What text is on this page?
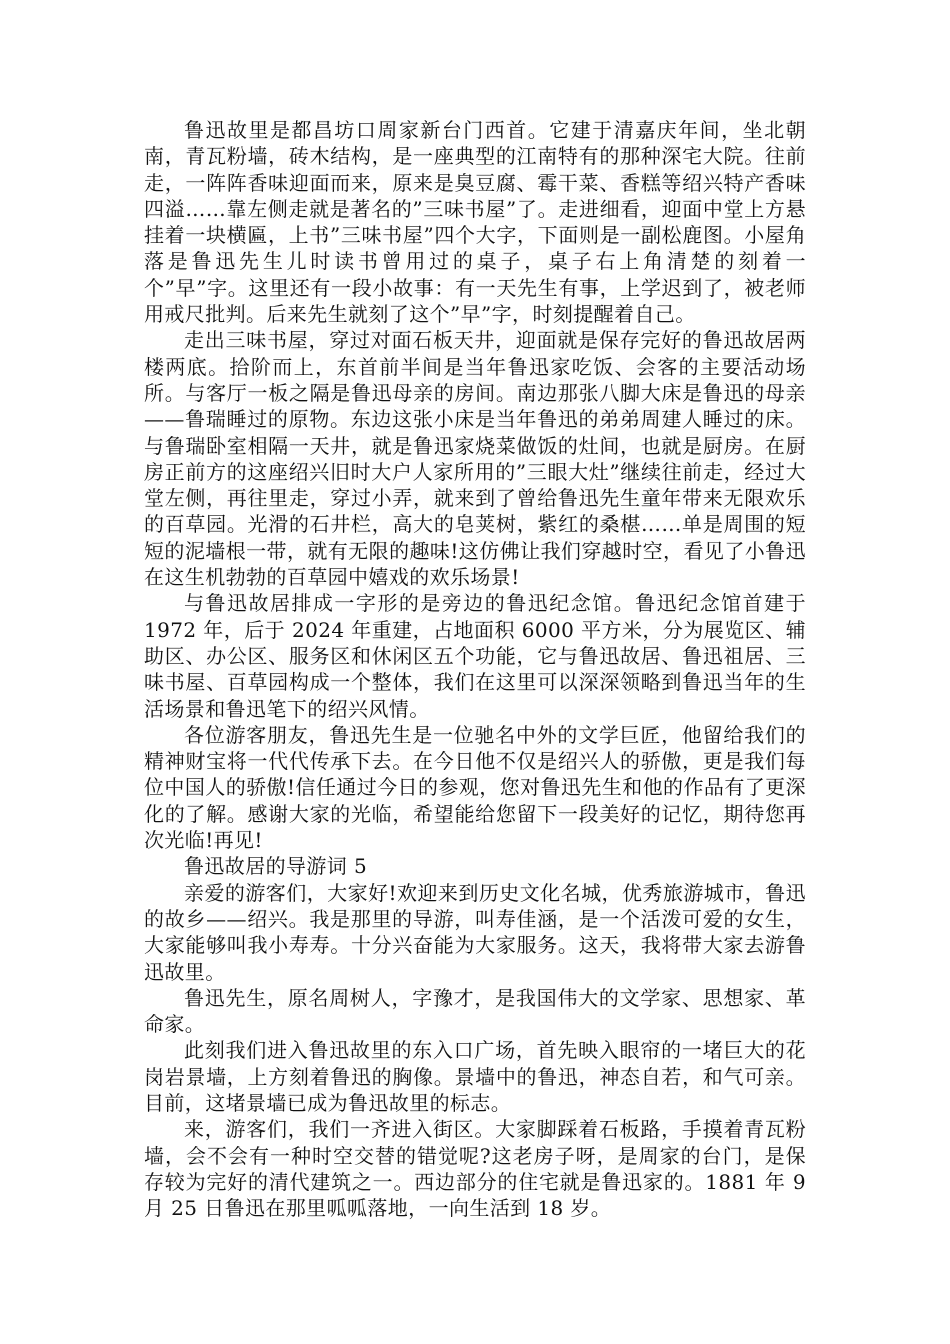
鲁迅故里是都昌坊口周家新台门西首。它建于清嘉庆年间，坐北朝南，青瓦粉墙，砖木结构，是一座典型的江南特有的那种深宅大院。往前走，一阵阵香味迎面而来，原来是臭豆腐、霉干菜、香糕等绍兴特产香味四溢……靠左侧走就是著名的”三味书屋”了。走进细看，迎面中堂上方悬挂着一块横匾，上书”三味书屋”四个大字，下面则是一副松鹿图。小屋角落是鲁迅先生儿时读书曾用过的桌子，桌子右上角清楚的刻着一个”早”字。这里还有一段小故事：有一天先生有事，上学迟到了，被老师用戒尺批判。后来先生就刻了这个”早”字，时刻提醒着自己。

走出三味书屋，穿过对面石板天井，迎面就是保存完好的鲁迅故居两楼两底。拾阶而上，东首前半间是当年鲁迅家吃饭、会客的主要活动场所。与客厅一板之隔是鲁迅母亲的房间。南边那张八脚大床是鲁迅的母亲——鲁瑞睡过的原物。东边这张小床是当年鲁迅的弟弟周建人睡过的床。与鲁瑞卧室相隔一天井，就是鲁迅家烧菜做饭的灶间，也就是厨房。在厨房正前方的这座绍兴旧时大户人家所用的”三眼大灶”继续往前走，经过大堂左侧，再往里走，穿过小弄，就来到了曾给鲁迅先生童年带来无限欢乐的百草园。光滑的石井栏，高大的皂荚树，紫红的桑椹……单是周围的短短的泥墙根一带，就有无限的趣味!这仿佛让我们穿越时空，看见了小鲁迅在这生机勃勃的百草园中嬉戏的欢乐场景!

与鲁迅故居排成一字形的是旁边的鲁迅纪念馆。鲁迅纪念馆首建于 1972 年，后于 2024 年重建，占地面积 6000 平方米，分为展览区、辅助区、办公区、服务区和休闲区五个功能，它与鲁迅故居、鲁迅祖居、三味书屋、百草园构成一个整体，我们在这里可以深深领略到鲁迅当年的生活场景和鲁迅笔下的绍兴风情。

各位游客朋友，鲁迅先生是一位驰名中外的文学巨匠，他留给我们的精神财宝将一代代传承下去。在今日他不仅是绍兴人的骄傲，更是我们每位中国人的骄傲!信任通过今日的参观，您对鲁迅先生和他的作品有了更深化的了解。感谢大家的光临，希望能给您留下一段美好的记忆，期待您再次光临!再见!

鲁迅故居的导游词 5

亲爱的游客们，大家好!欢迎来到历史文化名城，优秀旅游城市，鲁迅的故乡——绍兴。我是那里的导游，叫寿佳涵，是一个活泼可爱的女生，大家能够叫我小寿寿。十分兴奋能为大家服务。这天，我将带大家去游鲁迅故里。

鲁迅先生，原名周树人，字豫才，是我国伟大的文学家、思想家、革命家。

此刻我们进入鲁迅故里的东入口广场，首先映入眼帘的一堵巨大的花岗岩景墙，上方刻着鲁迅的胸像。景墙中的鲁迅，神态自若，和气可亲。目前，这堵景墙已成为鲁迅故里的标志。

来，游客们，我们一齐进入街区。大家脚踩着石板路，手摸着青瓦粉墙，会不会有一种时空交替的错觉呢?这老房子呀，是周家的台门，是保存较为完好的清代建筑之一。西边部分的住宅就是鲁迅家的。1881 年 9 月 25 日鲁迅在那里呱呱落地，一向生活到 18 岁。
